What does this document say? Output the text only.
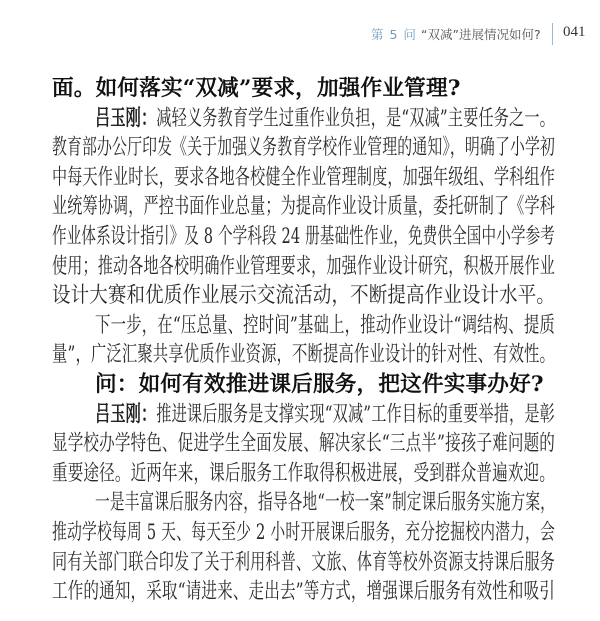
第 5 问 “双减”进展情况如何? 041
面。如何落实“双减”要求，加强作业管理?
吕玉刚：减轻义务教育学生过重作业负担，是“双减”主要任务之一。
教育部办公厅印发《关于加强义务教育学校作业管理的通知》，明确了小学初
中每天作业时长，要求各地各校健全作业管理制度，加强年级组、学科组作
业统筹协调，严控书面作业总量；为提高作业设计质量，委托研制了《学科
作业体系设计指引》及 8 个学科段 24 册基础性作业，免费供全国中小学参考
使用；推动各地各校明确作业管理要求，加强作业设计研究，积极开展作业
设计大赛和优质作业展示交流活动，不断提高作业设计水平。
下一步，在“压总量、控时间”基础上，推动作业设计“调结构、提质
量”，广泛汇聚共享优质作业资源，不断提高作业设计的针对性、有效性。
问：如何有效推进课后服务，把这件实事办好?
吕玉刚：推进课后服务是支撑实现“双减”工作目标的重要举措，是彰
显学校办学特色、促进学生全面发展、解决家长“三点半”接孩子难问题的
重要途径。近两年来，课后服务工作取得积极进展，受到群众普遍欢迎。
一是丰富课后服务内容，指导各地“一校一案”制定课后服务实施方案，
推动学校每周 5 天、每天至少 2 小时开展课后服务，充分挖掘校内潜力，会
同有关部门联合印发了关于利用科普、文旅、体育等校外资源支持课后服务
工作的通知，采取“请进来、走出去”等方式，增强课后服务有效性和吸引
